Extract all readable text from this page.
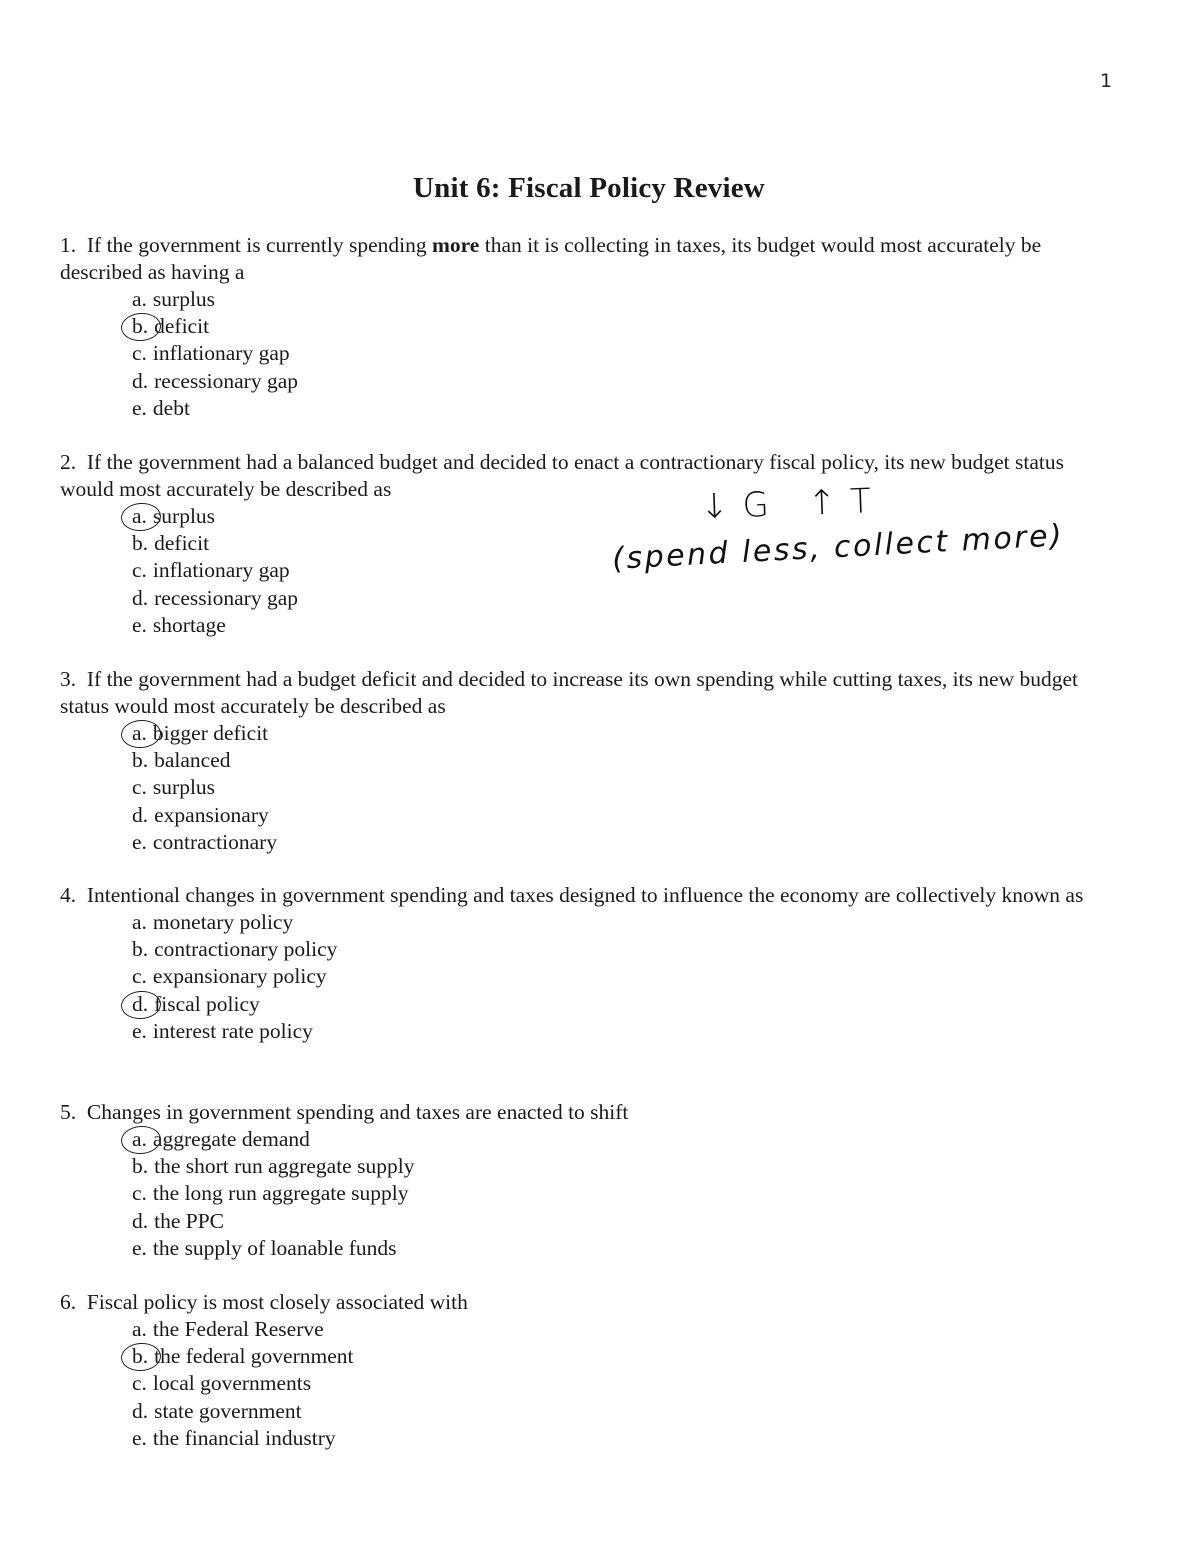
1
Unit 6: Fiscal Policy Review

1. If the government is currently spending more than it is collecting in taxes, its budget would most accurately be described as having a

a. surplus
b. deficit
c. inflationary gap
d. recessionary gap
e. debt

2. If the government had a balanced budget and decided to enact a contractionary fiscal policy, its new budget status would most accurately be described as

a. surplus
b. deficit
c. inflationary gap
d. recessionary gap
e. shortage
↓G ↑T
(spend less, collect more)

3. If the government had a budget deficit and decided to increase its own spending while cutting taxes, its new budget status would most accurately be described as

a. bigger deficit
b. balanced
c. surplus
d. expansionary
e. contractionary

4. Intentional changes in government spending and taxes designed to influence the economy are collectively known as

a. monetary policy
b. contractionary policy
c. expansionary policy
d. fiscal policy
e. interest rate policy

5. Changes in government spending and taxes are enacted to shift

a. aggregate demand
b. the short run aggregate supply
c. the long run aggregate supply
d. the PPC
e. the supply of loanable funds

6. Fiscal policy is most closely associated with

a. the Federal Reserve
b. the federal government
c. local governments
d. state government
e. the financial industry
